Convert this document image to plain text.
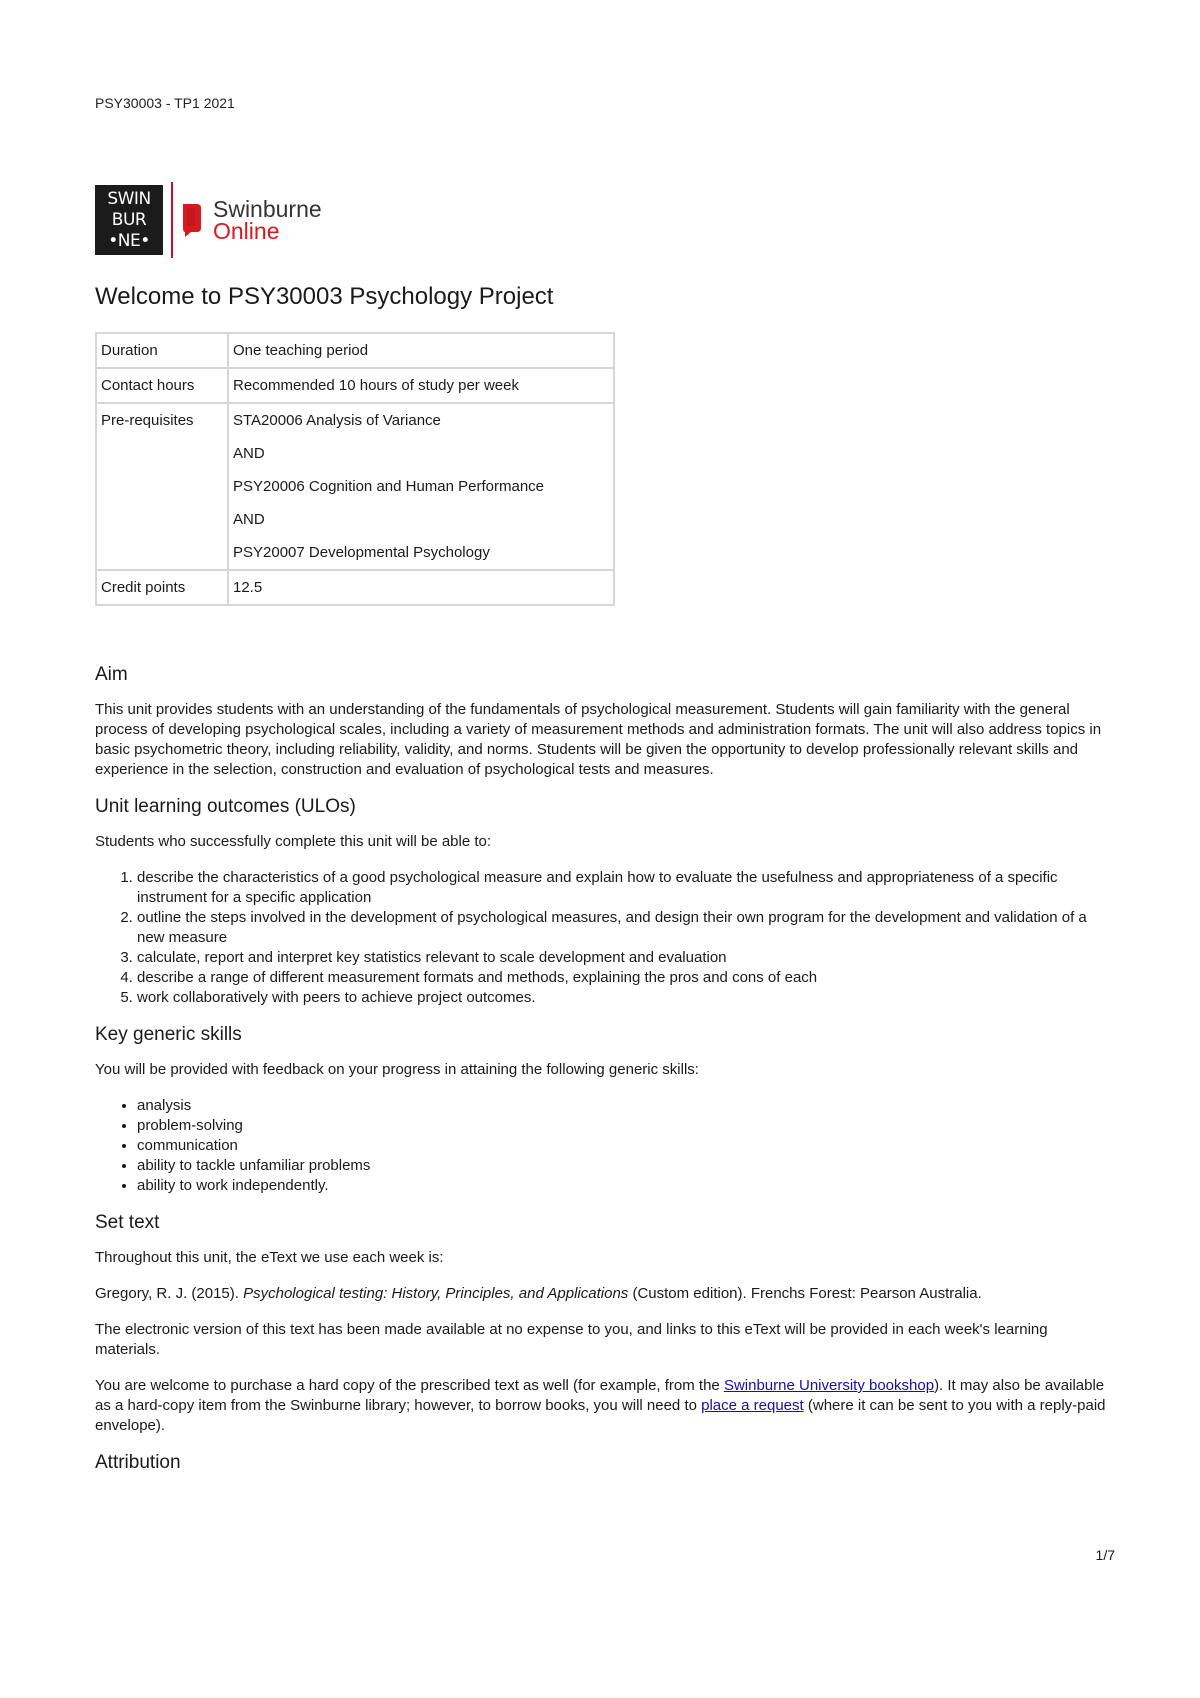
PSY30003 - TP1 2021
SWIN
BUR
•NE•
Swinburne
Online
Welcome to PSY30003 Psychology Project
Duration	One teaching period

Contact hours	Recommended 10 hours of study per week

Pre-requisites	STA20006 Analysis of Variance

AND

PSY20006 Cognition and Human Performance

AND

PSY20007 Developmental Psychology

Credit points	12.5

Aim

This unit provides students with an understanding of the fundamentals of psychological measurement. Students will gain familiarity with the general process of developing psychological scales, including a variety of measurement methods and administration formats. The unit will also address topics in basic psychometric theory, including reliability, validity, and norms. Students will be given the opportunity to develop professionally relevant skills and experience in the selection, construction and evaluation of psychological tests and measures.

Unit learning outcomes (ULOs)

Students who successfully complete this unit will be able to:

1. describe the characteristics of a good psychological measure and explain how to evaluate the usefulness and appropriateness of a specific instrument for a specific application
2. outline the steps involved in the development of psychological measures, and design their own program for the development and validation of a new measure
3. calculate, report and interpret key statistics relevant to scale development and evaluation
4. describe a range of different measurement formats and methods, explaining the pros and cons of each
5. work collaboratively with peers to achieve project outcomes.
Key generic skills

You will be provided with feedback on your progress in attaining the following generic skills:

• analysis
• problem-solving
• communication
• ability to tackle unfamiliar problems
• ability to work independently.
Set text

Throughout this unit, the eText we use each week is:

Gregory, R. J. (2015). Psychological testing: History, Principles, and Applications (Custom edition). Frenchs Forest: Pearson Australia.

The electronic version of this text has been made available at no expense to you, and links to this eText will be provided in each week's learning materials.

You are welcome to purchase a hard copy of the prescribed text as well (for example, from the Swinburne University bookshop). It may also be available as a hard-copy item from the Swinburne library; however, to borrow books, you will need to place a request (where it can be sent to you with a reply-paid envelope).

Attribution
1/7
